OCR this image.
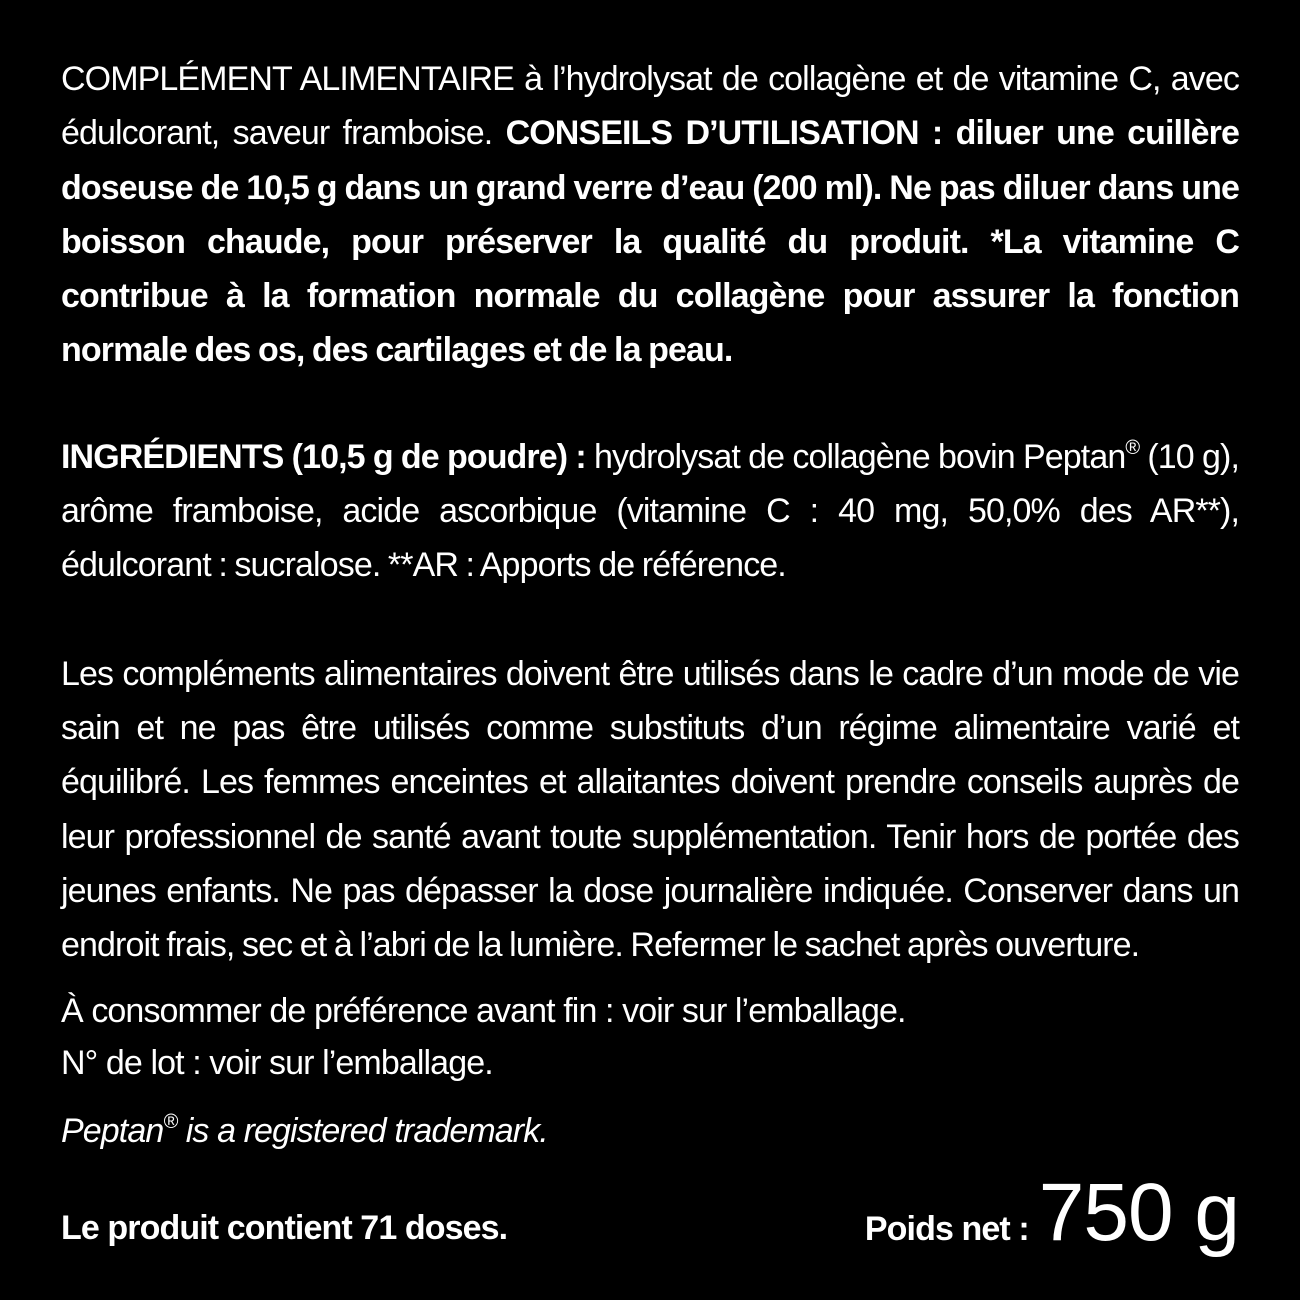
COMPLÉMENT ALIMENTAIRE à l’hydrolysat de collagène et de vitamine C, avec édulcorant, saveur framboise. CONSEILS D’UTILISATION : diluer une cuillère doseuse de 10,5 g dans un grand verre d’eau (200 ml). Ne pas diluer dans une boisson chaude, pour préserver la qualité du produit. *La vitamine C contribue à la formation normale du collagène pour assurer la fonction normale des os, des cartilages et de la peau.

INGRÉDIENTS (10,5 g de poudre) : hydrolysat de collagène bovin Peptan® (10 g), arôme framboise, acide ascorbique (vitamine C : 40 mg, 50,0% des AR**), édulcorant : sucralose. **AR : Apports de référence.

Les compléments alimentaires doivent être utilisés dans le cadre d’un mode de vie sain et ne pas être utilisés comme substituts d’un régime alimentaire varié et équilibré. Les femmes enceintes et allaitantes doivent prendre conseils auprès de leur professionnel de santé avant toute supplémentation. Tenir hors de portée des jeunes enfants. Ne pas dépasser la dose journalière indiquée. Conserver dans un endroit frais, sec et à l’abri de la lumière. Refermer le sachet après ouverture.

À consommer de préférence avant fin : voir sur l’emballage.
N° de lot : voir sur l’emballage.

Peptan® is a registered trademark.

Le produit contient 71 doses.	Poids net : 750 g
